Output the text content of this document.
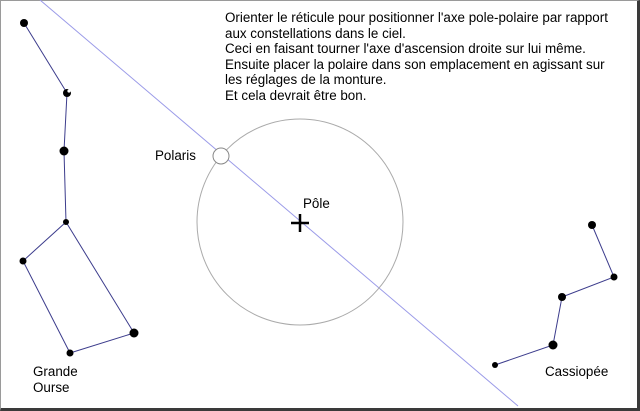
Orienter le réticule pour positionner l'axe pole-polaire par rapport
aux constellations dans le ciel.
Ceci en faisant tourner l'axe d'ascension droite sur lui même.
Ensuite placer la polaire dans son emplacement en agissant sur
les réglages de la monture.
Et cela devrait être bon.
Polaris
Pôle
Grande
Ourse
Cassiopée
